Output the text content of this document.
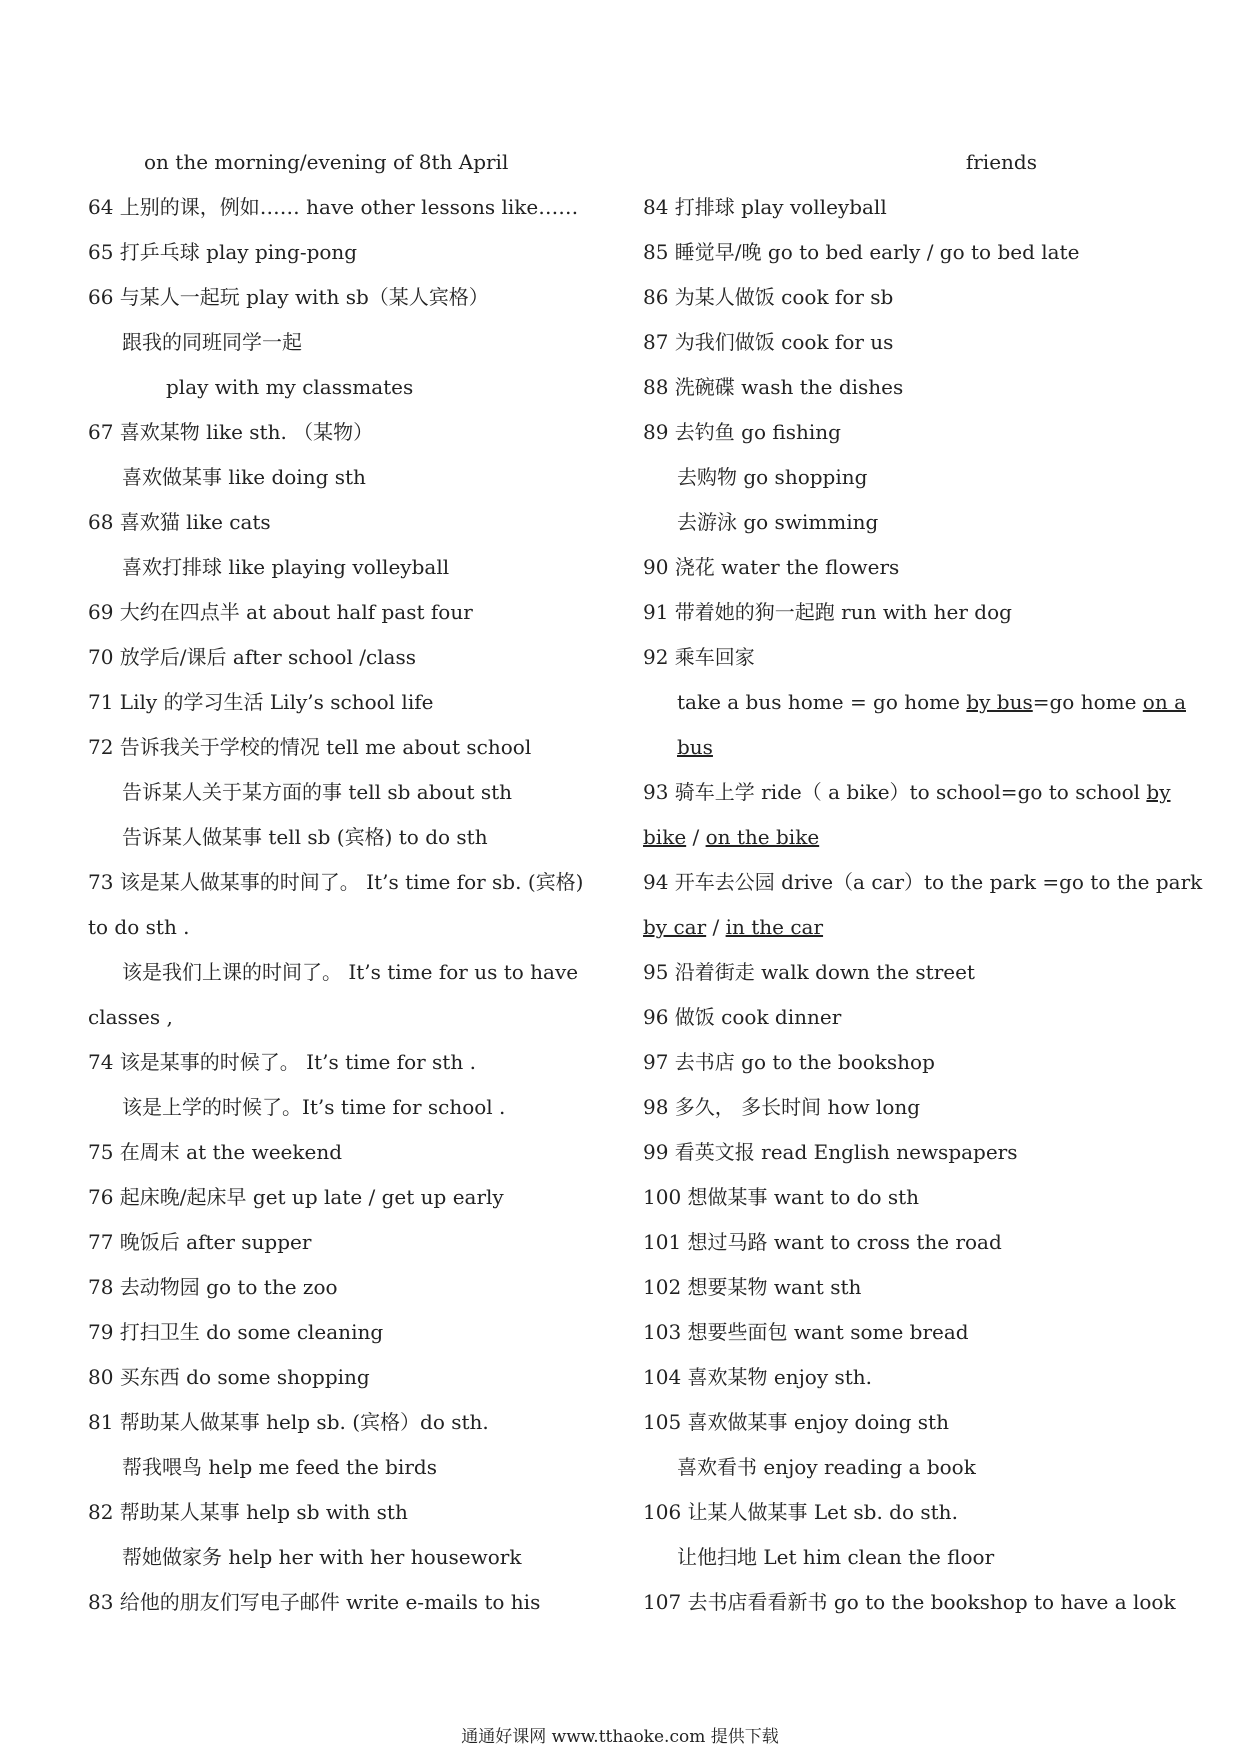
on the morning/evening of 8th April
64 上别的课，例如…… have other lessons like……
65 打乒乓球 play ping-pong
66 与某人一起玩 play with sb（某人宾格）
跟我的同班同学一起
play with my classmates
67 喜欢某物 like sth. （某物）
喜欢做某事 like doing sth
68 喜欢猫 like cats
喜欢打排球 like playing volleyball
69 大约在四点半 at about half past four
70 放学后/课后 after school /class
71 Lily 的学习生活 Lily’s school life
72 告诉我关于学校的情况 tell me about school
告诉某人关于某方面的事 tell sb about sth
告诉某人做某事 tell sb (宾格) to do sth
73 该是某人做某事的时间了。 It’s time for sb. (宾格)
to do sth .
该是我们上课的时间了。 It’s time for us to have
classes ,
74 该是某事的时候了。 It’s time for sth .
该是上学的时候了。It’s time for school .
75 在周末 at the weekend
76 起床晚/起床早 get up late / get up early
77 晚饭后 after supper
78 去动物园 go to the zoo
79 打扫卫生 do some cleaning
80 买东西 do some shopping
81 帮助某人做某事 help sb. (宾格）do sth.
帮我喂鸟 help me feed the birds
82 帮助某人某事 help sb with sth
帮她做家务 help her with her housework
83 给他的朋友们写电子邮件 write e-mails to his
friends
84 打排球 play volleyball
85 睡觉早/晚 go to bed early / go to bed late
86 为某人做饭 cook for sb
87 为我们做饭 cook for us
88 洗碗碟 wash the dishes
89 去钓鱼 go fishing
去购物 go shopping
去游泳 go swimming
90 浇花 water the flowers
91 带着她的狗一起跑 run with her dog
92 乘车回家
take a bus home = go home by bus=go home on a
bus
93 骑车上学 ride（ a bike）to school=go to school by
bike / on the bike
94 开车去公园 drive（a car）to the park =go to the park
by car / in the car
95 沿着街走 walk down the street
96 做饭 cook dinner
97 去书店 go to the bookshop
98 多久， 多长时间 how long
99 看英文报 read English newspapers
100 想做某事 want to do sth
101 想过马路 want to cross the road
102 想要某物 want sth
103 想要些面包 want some bread
104 喜欢某物 enjoy sth.
105 喜欢做某事 enjoy doing sth
喜欢看书 enjoy reading a book
106 让某人做某事 Let sb. do sth.
让他扫地 Let him clean the floor
107 去书店看看新书 go to the bookshop to have a look
通通好课网 www.tthaoke.com 提供下载
